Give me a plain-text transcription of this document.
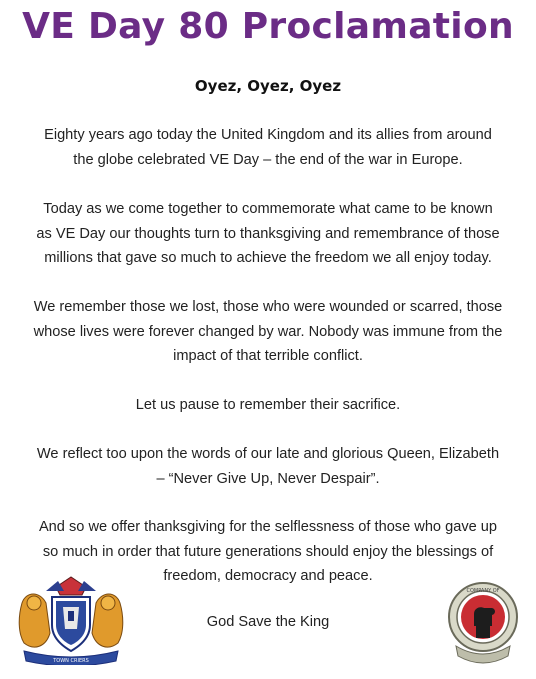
VE Day 80 Proclamation
Oyez, Oyez, Oyez

Eighty years ago today the United Kingdom and its allies from around
the globe celebrated VE Day – the end of the war in Europe.

Today as we come together to commemorate what came to be known
as VE Day our thoughts turn to thanksgiving and remembrance of those
millions that gave so much to achieve the freedom we all enjoy today.

We remember those we lost, those who were wounded or scarred, those
whose lives were forever changed by war. Nobody was immune from the
impact of that terrible conflict.

Let us pause to remember their sacrifice.

We reflect too upon the words of our late and glorious Queen, Elizabeth
– “Never Give Up, Never Despair”.

And so we offer thanksgiving for the selflessness of those who gave up
so much in order that future generations should enjoy the blessings of
freedom, democracy and peace.

God Save the King

TOWN CRIERS
COMPANY OF
